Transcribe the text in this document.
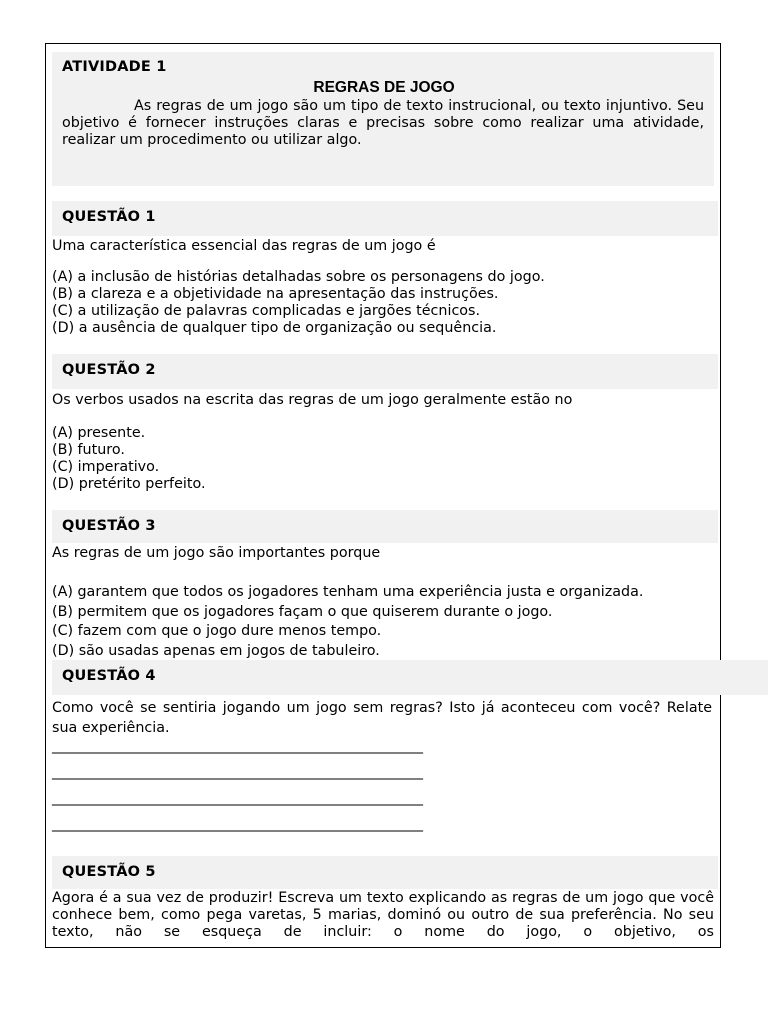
ATIVIDADE 1
REGRAS DE JOGO

As regras de um jogo são um tipo de texto instrucional, ou texto injuntivo. Seu objetivo é fornecer instruções claras e precisas sobre como realizar uma atividade, realizar um procedimento ou utilizar algo.

QUESTÃO 1

Uma característica essencial das regras de um jogo é

(A) a inclusão de histórias detalhadas sobre os personagens do jogo.
(B) a clareza e a objetividade na apresentação das instruções.
(C) a utilização de palavras complicadas e jargões técnicos.
(D) a ausência de qualquer tipo de organização ou sequência.
QUESTÃO 2

Os verbos usados na escrita das regras de um jogo geralmente estão no

(A) presente.
(B) futuro.
(C) imperativo.
(D) pretérito perfeito.
QUESTÃO 3

As regras de um jogo são importantes porque

(A) garantem que todos os jogadores tenham uma experiência justa e organizada.
(B) permitem que os jogadores façam o que quiserem durante o jogo.
(C) fazem com que o jogo dure menos tempo.
(D) são usadas apenas em jogos de tabuleiro.
QUESTÃO 4

Como você se sentiria jogando um jogo sem regras? Isto já aconteceu com você? Relate sua experiência.

_____________________________________________________
_____________________________________________________
_____________________________________________________
_____________________________________________________
QUESTÃO 5

Agora é a sua vez de produzir! Escreva um texto explicando as regras de um jogo que você conhece bem, como pega varetas, 5 marias, dominó ou outro de sua preferência. No seu texto, não se esqueça de incluir: o nome do jogo, o objetivo, os
